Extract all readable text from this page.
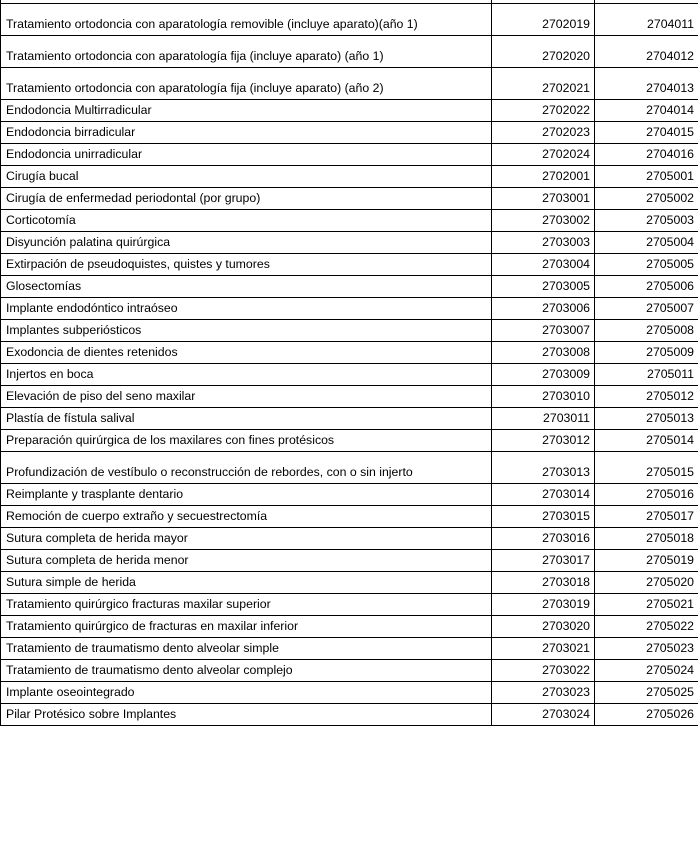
Tratamiento ortodoncia con aparatología removible (incluye aparato)(año 1)	2702019	2704011
Tratamiento ortodoncia con aparatología fija (incluye aparato) (año 1)	2702020	2704012
Tratamiento ortodoncia con aparatología fija (incluye aparato) (año 2)	2702021	2704013
Endodoncia Multirradicular	2702022	2704014
Endodoncia birradicular	2702023	2704015
Endodoncia unirradicular	2702024	2704016
Cirugía bucal	2702001	2705001
Cirugía de enfermedad periodontal (por grupo)	2703001	2705002
Corticotomía	2703002	2705003
Disyunción palatina quirúrgica	2703003	2705004
Extirpación de pseudoquistes, quistes y tumores	2703004	2705005
Glosectomías	2703005	2705006
Implante endodóntico intraóseo	2703006	2705007
Implantes subperiósticos	2703007	2705008
Exodoncia de dientes retenidos	2703008	2705009
Injertos en boca	2703009	2705011
Elevación de piso del seno maxilar	2703010	2705012
Plastía de fístula salival	2703011	2705013
Preparación quirúrgica de los maxilares con fines protésicos	2703012	2705014
Profundización de vestíbulo o reconstrucción de rebordes, con o sin injerto	2703013	2705015
Reimplante y trasplante dentario	2703014	2705016
Remoción de cuerpo extraño y secuestrectomía	2703015	2705017
Sutura completa de herida mayor	2703016	2705018
Sutura completa de herida menor	2703017	2705019
Sutura simple de herida	2703018	2705020
Tratamiento quirúrgico fracturas maxilar superior	2703019	2705021
Tratamiento quirúrgico de fracturas en maxilar inferior	2703020	2705022
Tratamiento de traumatismo dento alveolar simple	2703021	2705023
Tratamiento de traumatismo dento alveolar complejo	2703022	2705024
Implante oseointegrado	2703023	2705025
Pilar Protésico sobre Implantes	2703024	2705026
